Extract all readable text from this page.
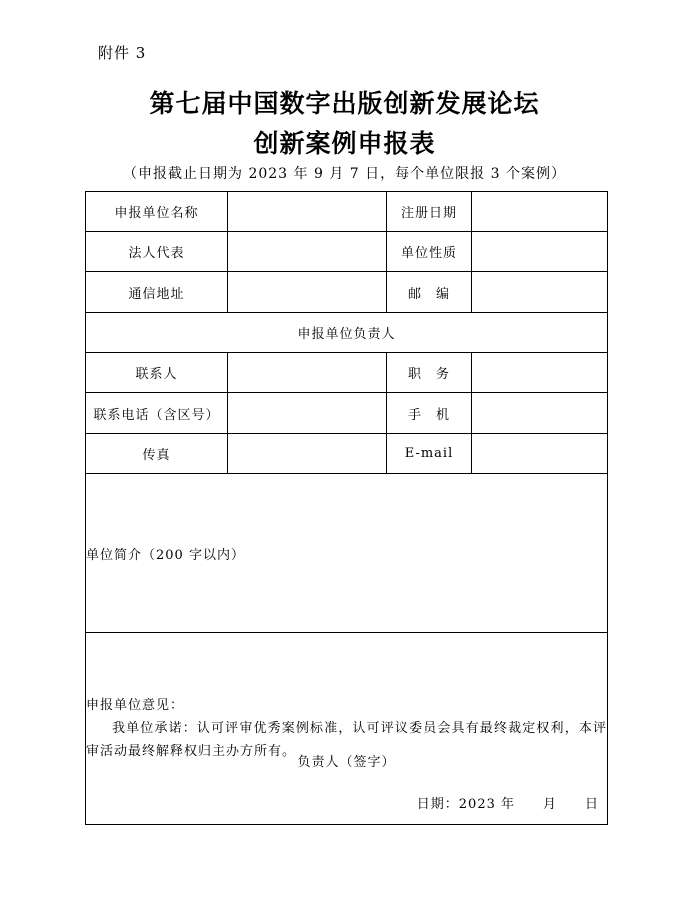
附件 3
第七届中国数字出版创新发展论坛
创新案例申报表
（申报截止日期为 2023 年 9 月 7 日，每个单位限报 3 个案例）
申报单位名称		注册日期	
法人代表		单位性质	
通信地址		邮　编	
申报单位负责人			
联系人		职　务	
联系电话（含区号）		手　机	
传真		E-mail	
单位简介（200 字以内）			

申报单位意见：
我单位承诺：认可评审优秀案例标准，认可评议委员会具有最终裁定权利，本评审活动最终解释权归主办方所有。
负责人（签字）
日期：2023 年　　月　　日			
